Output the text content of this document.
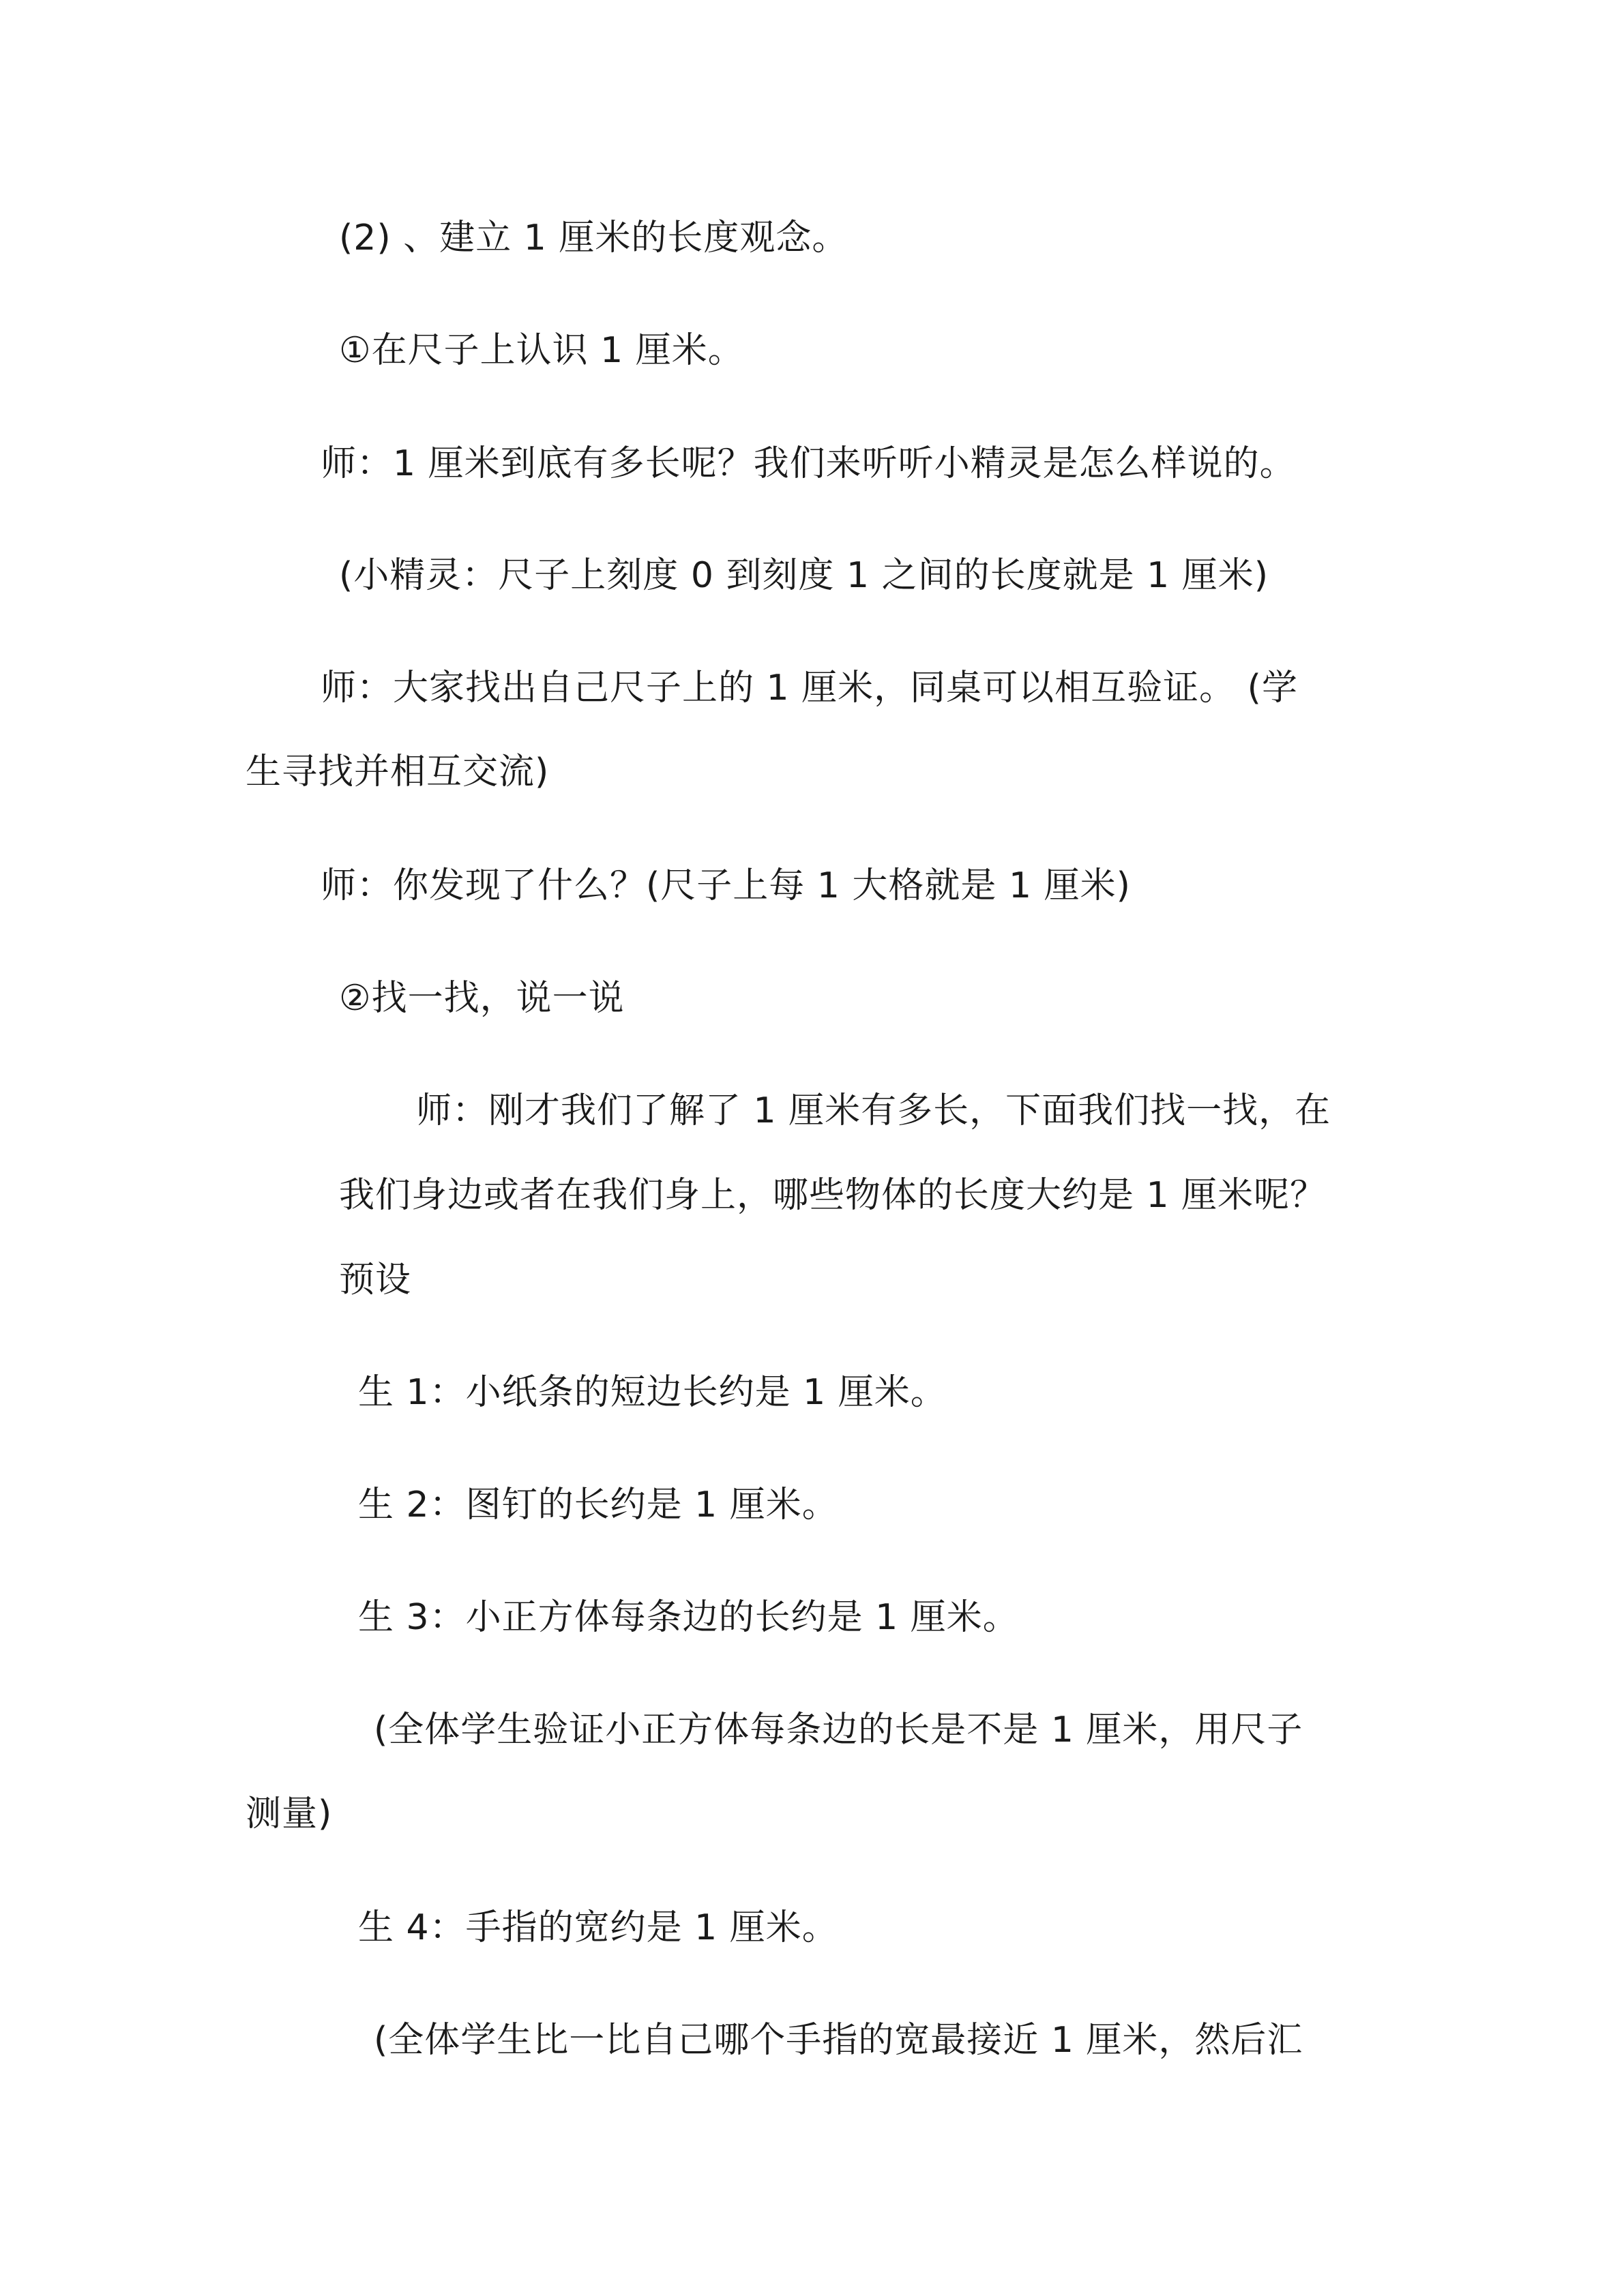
(2) 、建立 1 厘米的长度观念。
①在尺子上认识 1 厘米。
师：1 厘米到底有多长呢？我们来听听小精灵是怎么样说的。
(小精灵：尺子上刻度 0 到刻度 1 之间的长度就是 1 厘米)
师：大家找出自己尺子上的 1 厘米，同桌可以相互验证。 (学
生寻找并相互交流)
师：你发现了什么？(尺子上每 1 大格就是 1 厘米)
②找一找，说一说
师：刚才我们了解了 1 厘米有多长，下面我们找一找，在
我们身边或者在我们身上，哪些物体的长度大约是 1 厘米呢？
预设
生 1：小纸条的短边长约是 1 厘米。
生 2：图钉的长约是 1 厘米。
生 3：小正方体每条边的长约是 1 厘米。
(全体学生验证小正方体每条边的长是不是 1 厘米，用尺子
测量)
生 4：手指的宽约是 1 厘米。
(全体学生比一比自己哪个手指的宽最接近 1 厘米，然后汇
